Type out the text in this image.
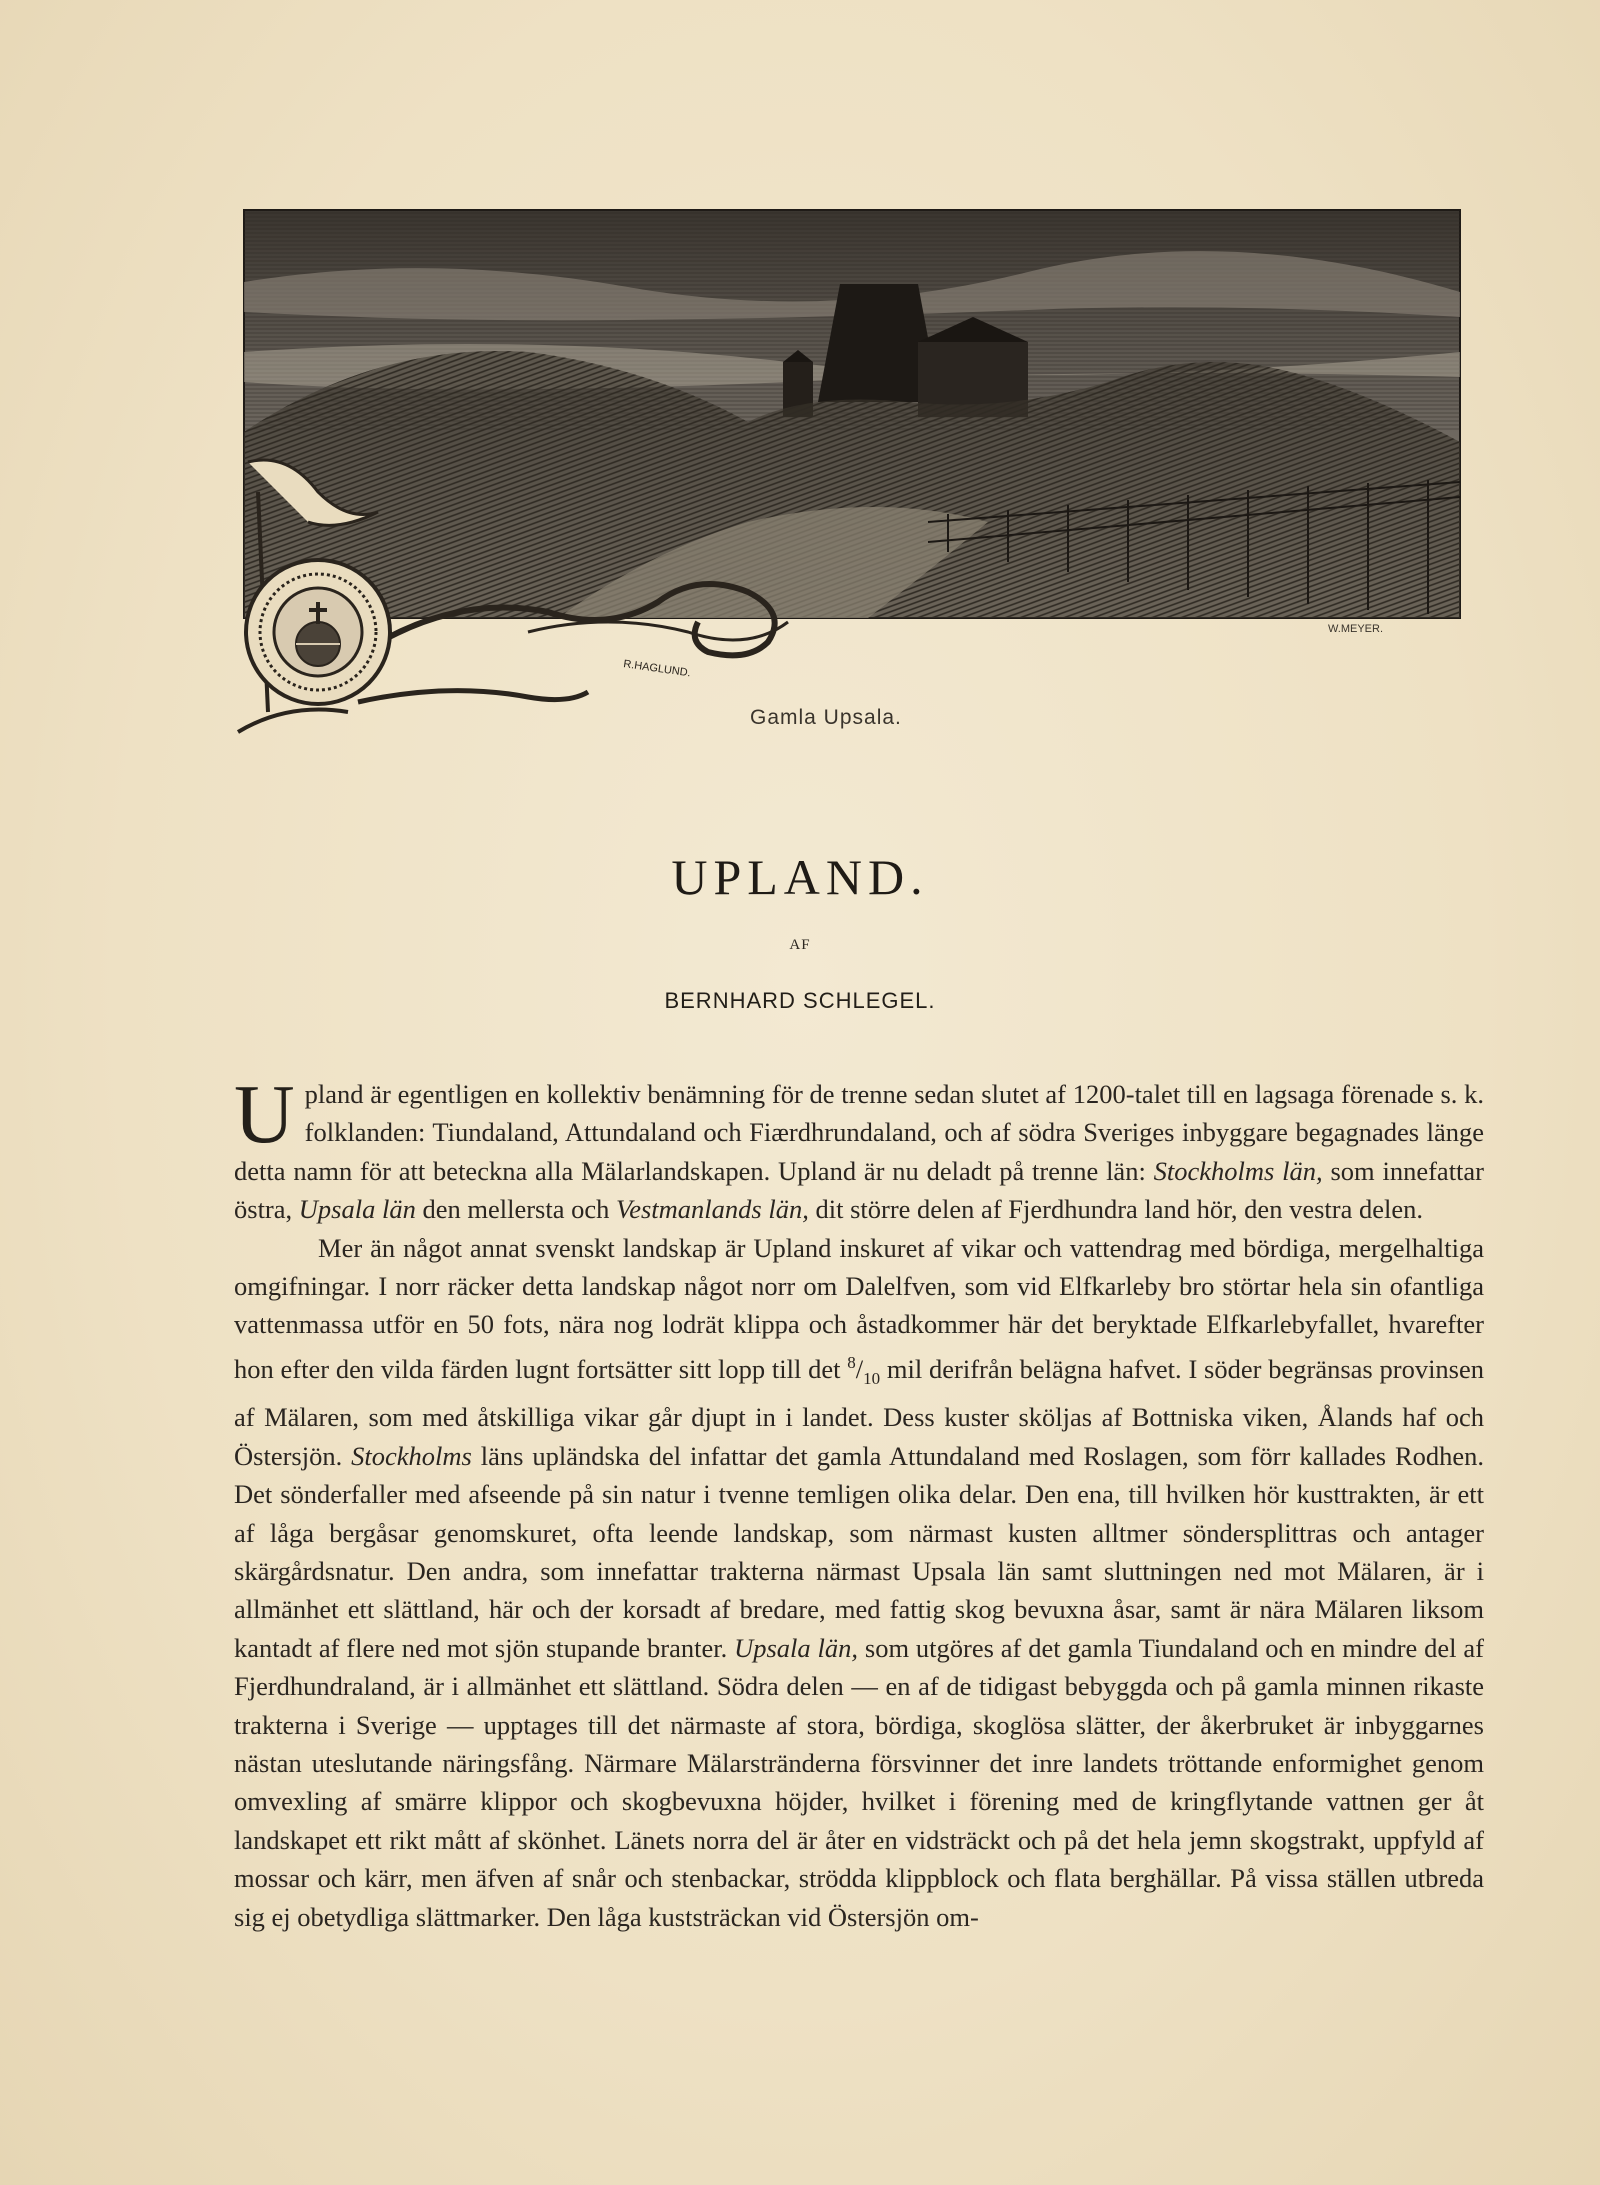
W.MEYER.
R.HAGLUND.
Gamla Upsala.
UPLAND.
AF
BERNHARD SCHLEGEL.

Upland är egentligen en kollektiv benämning för de trenne sedan slutet af 1200-talet till en lagsaga förenade s. k. folklanden: Tiundaland, Attundaland och Fiærdhrundaland, och af södra Sveriges inbyggare begagnades länge detta namn för att beteckna alla Mälarlandskapen. Upland är nu deladt på trenne län: Stockholms län, som innefattar östra, Upsala län den mellersta och Vestmanlands län, dit större delen af Fjerdhundra land hör, den vestra delen.

Mer än något annat svenskt landskap är Upland inskuret af vikar och vattendrag med bördiga, mergelhaltiga omgifningar. I norr räcker detta landskap något norr om Dalelfven, som vid Elfkarleby bro störtar hela sin ofantliga vattenmassa utför en 50 fots, nära nog lodrät klippa och åstadkommer här det beryktade Elfkarlebyfallet, hvarefter hon efter den vilda färden lugnt fortsätter sitt lopp till $\det ^8/_{10}$ mil derifrån belägna hafvet. I söder begränsas provinsen af Mälaren, som med åtskilliga vikar går djupt in i landet. Dess kuster sköljas af Bottniska viken, Ålands haf och Östersjön. Stockholms läns upländska del infattar det gamla Attundaland med Roslagen, som förr kallades Rodhen. Det sönderfaller med afseende på sin natur i tvenne temligen olika delar. Den ena, till hvilken hör kusttrakten, är ett af låga bergåsar genomskuret, ofta leende landskap, som närmast kusten alltmer söndersplittras och antager skärgårdsnatur. Den andra, som innefattar trakterna närmast Upsala län samt sluttningen ned mot Mälaren, är i allmänhet ett slättland, här och der korsadt af bredare, med fattig skog bevuxna åsar, samt är nära Mälaren liksom kantadt af flere ned mot sjön stupande branter. Upsala län, som utgöres af det gamla Tiundaland och en mindre del af Fjerdhundraland, är i allmänhet ett slättland. Södra delen — en af de tidigast bebyggda och på gamla minnen rikaste trakterna i Sverige — upptages till det närmaste af stora, bördiga, skoglösa slätter, der åkerbruket är inbyggarnes nästan uteslutande näringsfång. Närmare Mälarstränderna försvinner det inre landets tröttande enformighet genom omvexling af smärre klippor och skogbevuxna höjder, hvilket i förening med de kringflytande vattnen ger åt landskapet ett rikt mått af skönhet. Länets norra del är åter en vidsträckt och på det hela jemn skogstrakt, uppfyld af mossar och kärr, men äfven af snår och stenbackar, strödda klippblock och flata berghällar. På vissa ställen utbreda sig ej obetydliga slättmarker. Den låga kuststräckan vid Östersjön om-
